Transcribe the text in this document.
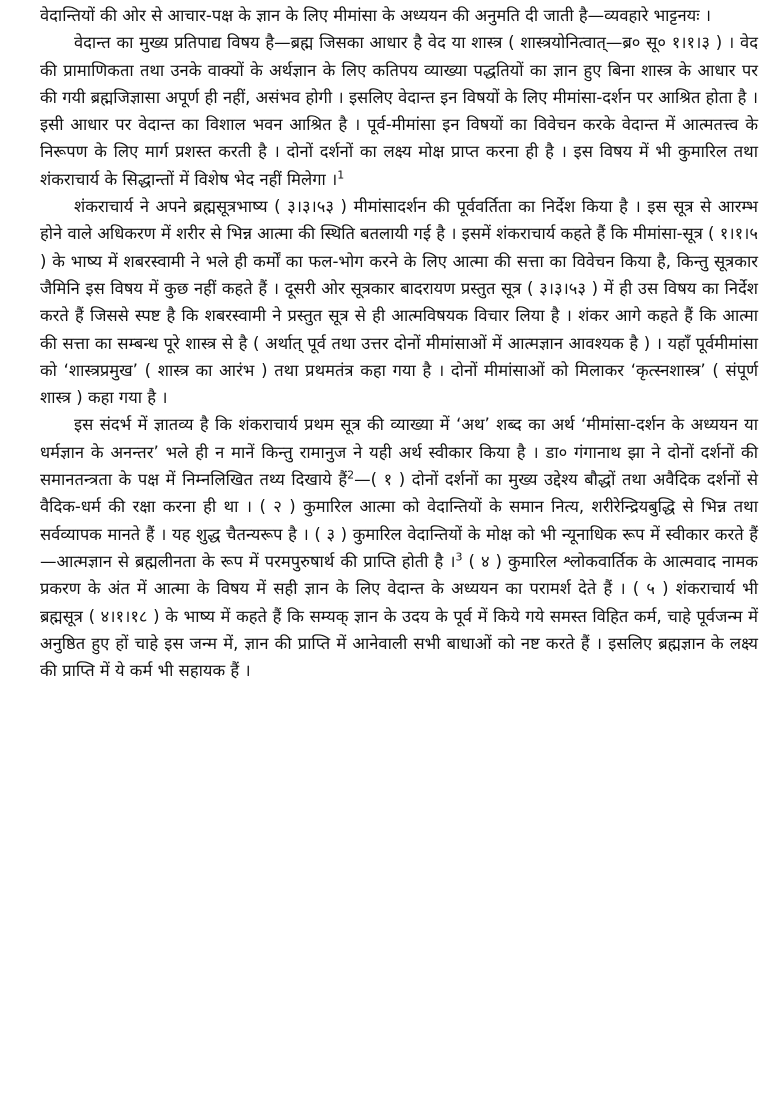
वेदान्तियों की ओर से आचार-पक्ष के ज्ञान के लिए मीमांसा के अध्ययन की अनुमति दी जाती है—व्यवहारे भाट्टनयः ।

वेदान्त का मुख्य प्रतिपाद्य विषय है—ब्रह्म जिसका आधार है वेद या शास्त्र ( शास्त्रयोनित्वात्—ब्र० सू० १।१।३ ) । वेद की प्रामाणिकता तथा उनके वाक्यों के अर्थज्ञान के लिए कतिपय व्याख्या पद्धतियों का ज्ञान हुए बिना शास्त्र के आधार पर की गयी ब्रह्मजिज्ञासा अपूर्ण ही नहीं, असंभव होगी । इसलिए वेदान्त इन विषयों के लिए मीमांसा-दर्शन पर आश्रित होता है । इसी आधार पर वेदान्त का विशाल भवन आश्रित है । पूर्व-मीमांसा इन विषयों का विवेचन करके वेदान्त में आत्मतत्त्व के निरूपण के लिए मार्ग प्रशस्त करती है । दोनों दर्शनों का लक्ष्य मोक्ष प्राप्त करना ही है । इस विषय में भी कुमारिल तथा शंकराचार्य के सिद्धान्तों में विशेष भेद नहीं मिलेगा ।$^1$

शंकराचार्य ने अपने ब्रह्मसूत्रभाष्य ( ३।३।५३ ) मीमांसादर्शन की पूर्ववर्तिता का निर्देश किया है । इस सूत्र से आरम्भ होने वाले अधिकरण में शरीर से भिन्न आत्मा की स्थिति बतलायी गई है । इसमें शंकराचार्य कहते हैं कि मीमांसा-सूत्र ( १।१।५ ) के भाष्य में शबरस्वामी ने भले ही कर्मों का फल-भोग करने के लिए आत्मा की सत्ता का विवेचन किया है, किन्तु सूत्रकार जैमिनि इस विषय में कुछ नहीं कहते हैं । दूसरी ओर सूत्रकार बादरायण प्रस्तुत सूत्र ( ३।३।५३ ) में ही उस विषय का निर्देश करते हैं जिससे स्पष्ट है कि शबरस्वामी ने प्रस्तुत सूत्र से ही आत्मविषयक विचार लिया है । शंकर आगे कहते हैं कि आत्मा की सत्ता का सम्बन्ध पूरे शास्त्र से है ( अर्थात् पूर्व तथा उत्तर दोनों मीमांसाओं में आत्मज्ञान आवश्यक है ) । यहाँ पूर्वमीमांसा को ‘शास्त्रप्रमुख’ ( शास्त्र का आरंभ ) तथा प्रथमतंत्र कहा गया है । दोनों मीमांसाओं को मिलाकर ‘कृत्स्नशास्त्र’ ( संपूर्ण शास्त्र ) कहा गया है ।

इस संदर्भ में ज्ञातव्य है कि शंकराचार्य प्रथम सूत्र की व्याख्या में ‘अथ’ शब्द का अर्थ ‘मीमांसा-दर्शन के अध्ययन या धर्मज्ञान के अनन्तर’ भले ही न मानें किन्तु रामानुज ने यही अर्थ स्वीकार किया है । डा० गंगानाथ झा ने दोनों दर्शनों की समानतन्त्रता के पक्ष में निम्नलिखित तथ्य दिखाये हैं$^2$—( १ ) दोनों दर्शनों का मुख्य उद्देश्य बौद्धों तथा अवैदिक दर्शनों से वैदिक-धर्म की रक्षा करना ही था । ( २ ) कुमारिल आत्मा को वेदान्तियों के समान नित्य, शरीरेन्द्रियबुद्धि से भिन्न तथा सर्वव्यापक मानते हैं । यह शुद्ध चैतन्यरूप है । ( ३ ) कुमारिल वेदान्तियों के मोक्ष को भी न्यूनाधिक रूप में स्वीकार करते हैं—आत्मज्ञान से ब्रह्मलीनता के रूप में परमपुरुषार्थ की प्राप्ति होती है ।$^3$ ( ४ ) कुमारिल श्लोकवार्तिक के आत्मवाद नामक प्रकरण के अंत में आत्मा के विषय में सही ज्ञान के लिए वेदान्त के अध्ययन का परामर्श देते हैं । ( ५ ) शंकराचार्य भी ब्रह्मसूत्र ( ४।१।१८ ) के भाष्य में कहते हैं कि सम्यक् ज्ञान के उदय के पूर्व में किये गये समस्त विहित कर्म, चाहे पूर्वजन्म में अनुष्ठित हुए हों चाहे इस जन्म में, ज्ञान की प्राप्ति में आनेवाली सभी बाधाओं को नष्ट करते हैं । इसलिए ब्रह्मज्ञान के लक्ष्य की प्राप्ति में ये कर्म भी सहायक हैं ।
